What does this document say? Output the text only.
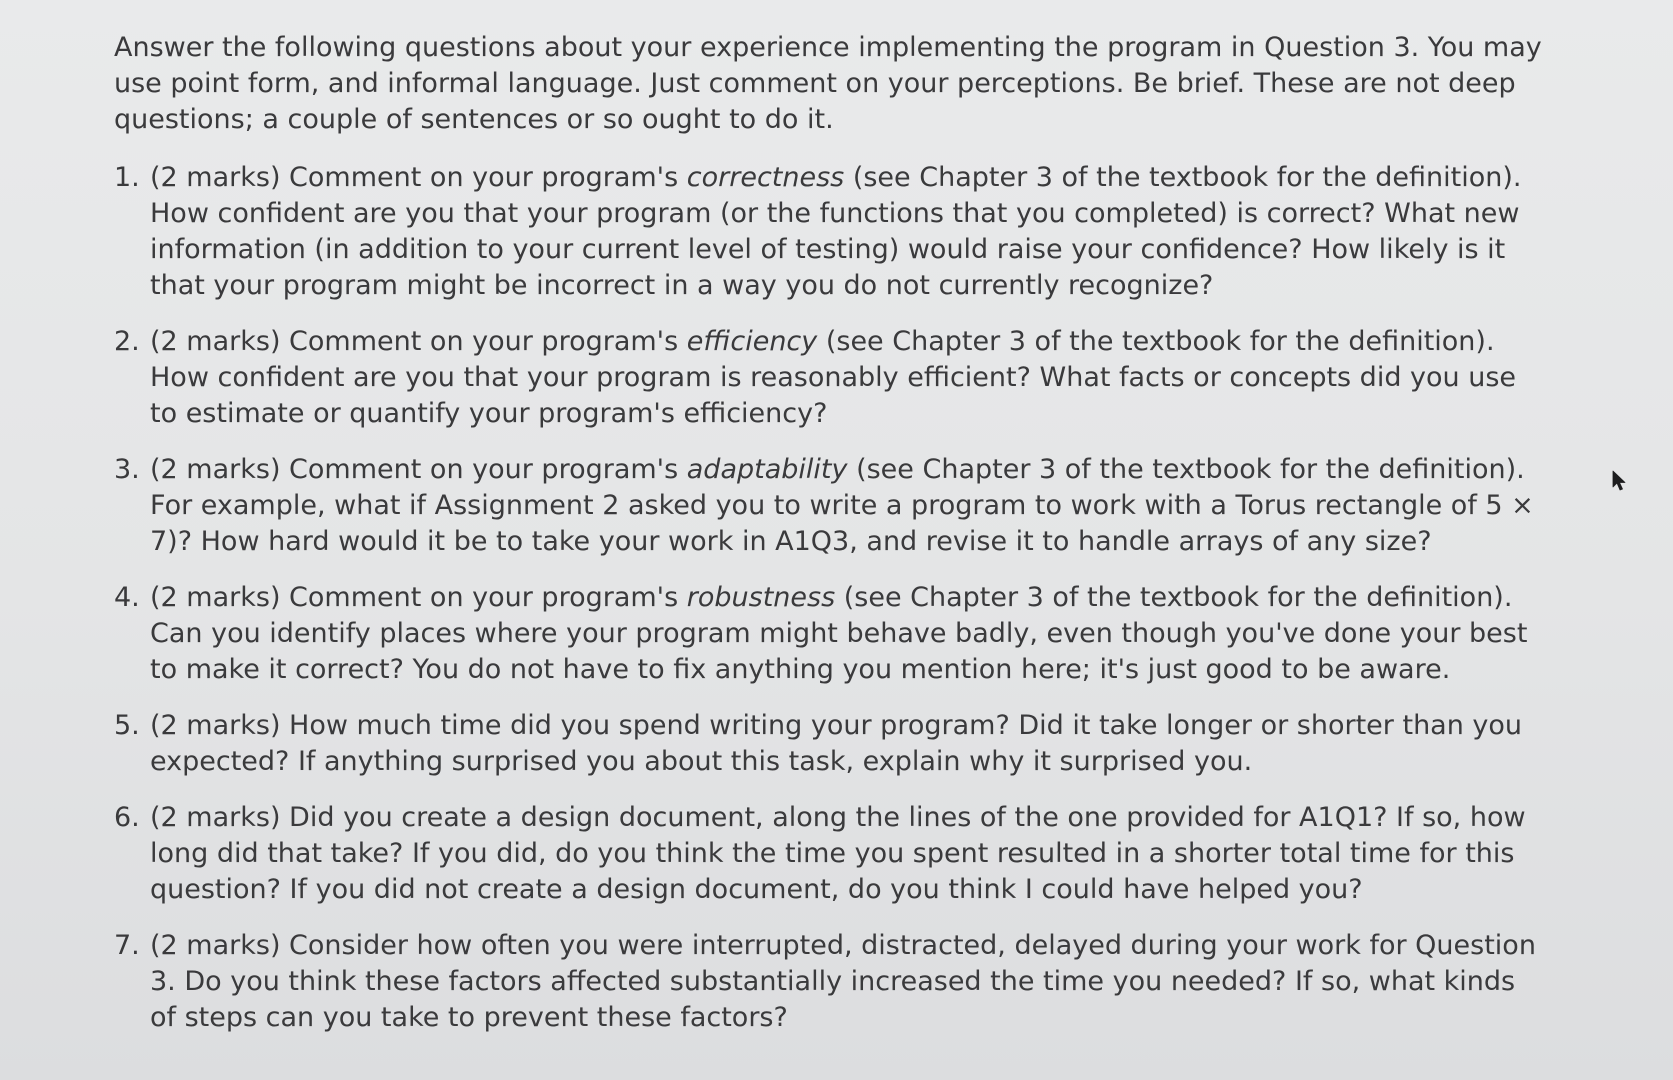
Answer the following questions about your experience implementing the program in Question 3. You may use point form, and informal language. Just comment on your perceptions. Be brief. These are not deep questions; a couple of sentences or so ought to do it.

1. (2 marks) Comment on your program's correctness (see Chapter 3 of the textbook for the definition). How confident are you that your program (or the functions that you completed) is correct? What new information (in addition to your current level of testing) would raise your confidence? How likely is it that your program might be incorrect in a way you do not currently recognize?
2. (2 marks) Comment on your program's efficiency (see Chapter 3 of the textbook for the definition). How confident are you that your program is reasonably efficient? What facts or concepts did you use to estimate or quantify your program's efficiency?
3. (2 marks) Comment on your program's adaptability (see Chapter 3 of the textbook for the definition). For example, what if Assignment 2 asked you to write a program to work with a Torus rectangle of 5 × 7)? How hard would it be to take your work in A1Q3, and revise it to handle arrays of any size?
4. (2 marks) Comment on your program's robustness (see Chapter 3 of the textbook for the definition). Can you identify places where your program might behave badly, even though you've done your best to make it correct? You do not have to fix anything you mention here; it's just good to be aware.
5. (2 marks) How much time did you spend writing your program? Did it take longer or shorter than you expected? If anything surprised you about this task, explain why it surprised you.
6. (2 marks) Did you create a design document, along the lines of the one provided for A1Q1? If so, how long did that take? If you did, do you think the time you spent resulted in a shorter total time for this question? If you did not create a design document, do you think I could have helped you?
7. (2 marks) Consider how often you were interrupted, distracted, delayed during your work for Question 3. Do you think these factors affected substantially increased the time you needed? If so, what kinds of steps can you take to prevent these factors?
